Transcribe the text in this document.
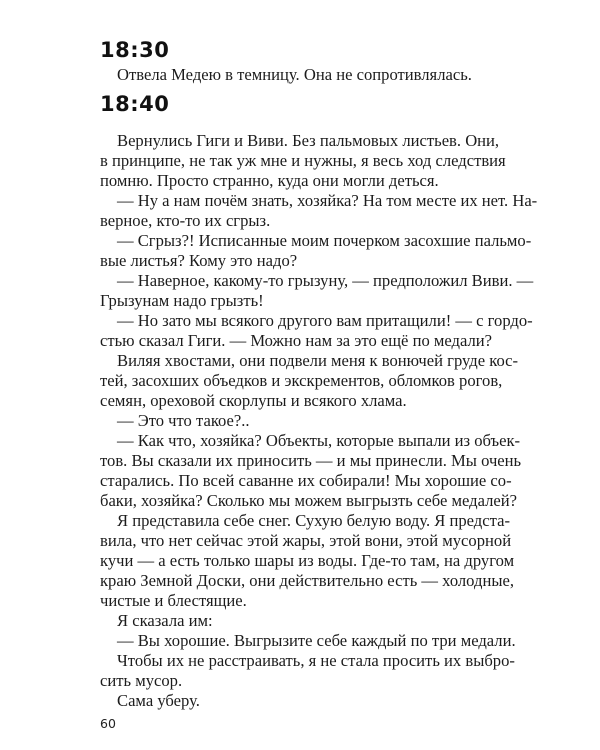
18:30

Отвела Медею в темницу. Она не сопротивлялась.

18:40

Вернулись Гиги и Виви. Без пальмовых листьев. Они,

в принципе, не так уж мне и нужны, я весь ход следствия

помню. Просто странно, куда они могли деться.

— Ну а нам почём знать, хозяйка? На том месте их нет. На-

верное, кто-то их сгрыз.

— Сгрыз?! Исписанные моим почерком засохшие пальмо-

вые листья? Кому это надо?

— Наверное, какому-то грызуну, — предположил Виви. —

Грызунам надо грызть!

— Но зато мы всякого другого вам притащили! — с гордо-

стью сказал Гиги. — Можно нам за это ещё по медали?

Виляя хвостами, они подвели меня к вонючей груде кос-

тей, засохших объедков и экскрементов, обломков рогов,

семян, ореховой скорлупы и всякого хлама.

— Это что такое?..

— Как что, хозяйка? Объекты, которые выпали из объек-

тов. Вы сказали их приносить — и мы принесли. Мы очень

старались. По всей саванне их собирали! Мы хорошие со-

баки, хозяйка? Сколько мы можем выгрызть себе медалей?

Я представила себе снег. Сухую белую воду. Я предста-

вила, что нет сейчас этой жары, этой вони, этой мусорной

кучи — а есть только шары из воды. Где-то там, на другом

краю Земной Доски, они действительно есть — холодные,

чистые и блестящие.

Я сказала им:

— Вы хорошие. Выгрызите себе каждый по три медали.

Чтобы их не расстраивать, я не стала просить их выбро-

сить мусор.

Сама уберу.

60
